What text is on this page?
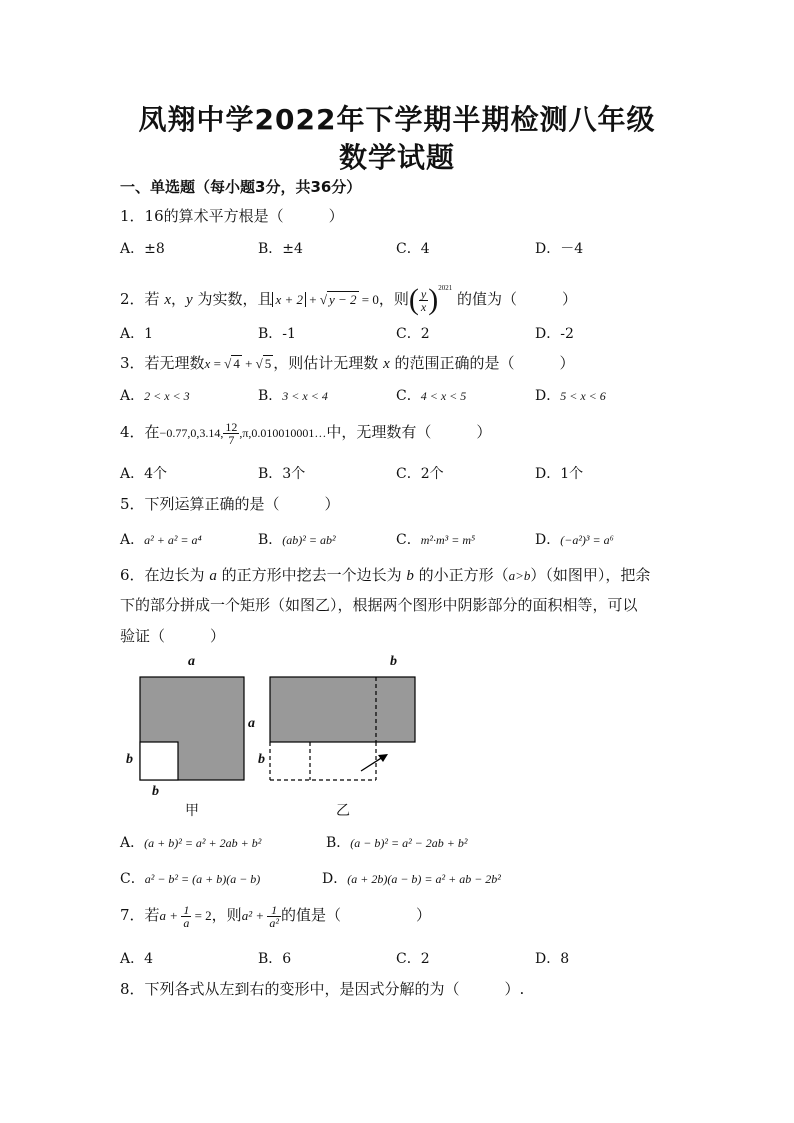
凤翔中学2022年下学期半期检测八年级
数学试题
一、单选题（每小题3分，共36分）
1．16的算术平方根是（　　　）
A．±8	B．±4	C．4	D．－4
2．若 x，y 为实数，且 x + 2 + √ y − 2 = 0，则( $\frac{y}{x} )^{2021}$ 的值为（　　　）
A．1	B．-1	C．2	D．-2
3．若无理数x = √ 4 + √ 5 ，则估计无理数 x 的范围正确的是（　　　）
A．2 < x < 3	B．3 < x < 4	C．4 < x < 5	D．5 < x < 6
4．在−0.77,0,3.14, $\frac{12}{7}$ ,π,0.010010001…中，无理数有（　　　）
A．4个	B．3个	C．2个	D．1个
5．下列运算正确的是（　　　）
A．a² + a² = a⁴	B．(ab)² = ab²	C．m²·m³ = m⁵	D．(−a²)³ = a⁶
6．在边长为 a 的正方形中挖去一个边长为 b 的小正方形（a>b）（如图甲），把余
下的部分拼成一个矩形（如图乙），根据两个图形中阴影部分的面积相等，可以
验证（　　　）
a
a
b
b
甲
b
b
乙
A．(a + b)² = a² + 2ab + b²	B．(a − b)² = a² − 2ab + b²
C．a² − b² = (a + b)(a − b)	D．(a + 2b)(a − b) = a² + ab − 2b²
7．若$a + \frac{1}{a} = 2$，则$a^2 + \frac{1}{\text{a²}}$ 的值是（　　　　　）
A．4	B．6	C．2	D．8
8．下列各式从左到右的变形中，是因式分解的为（　　　）.
